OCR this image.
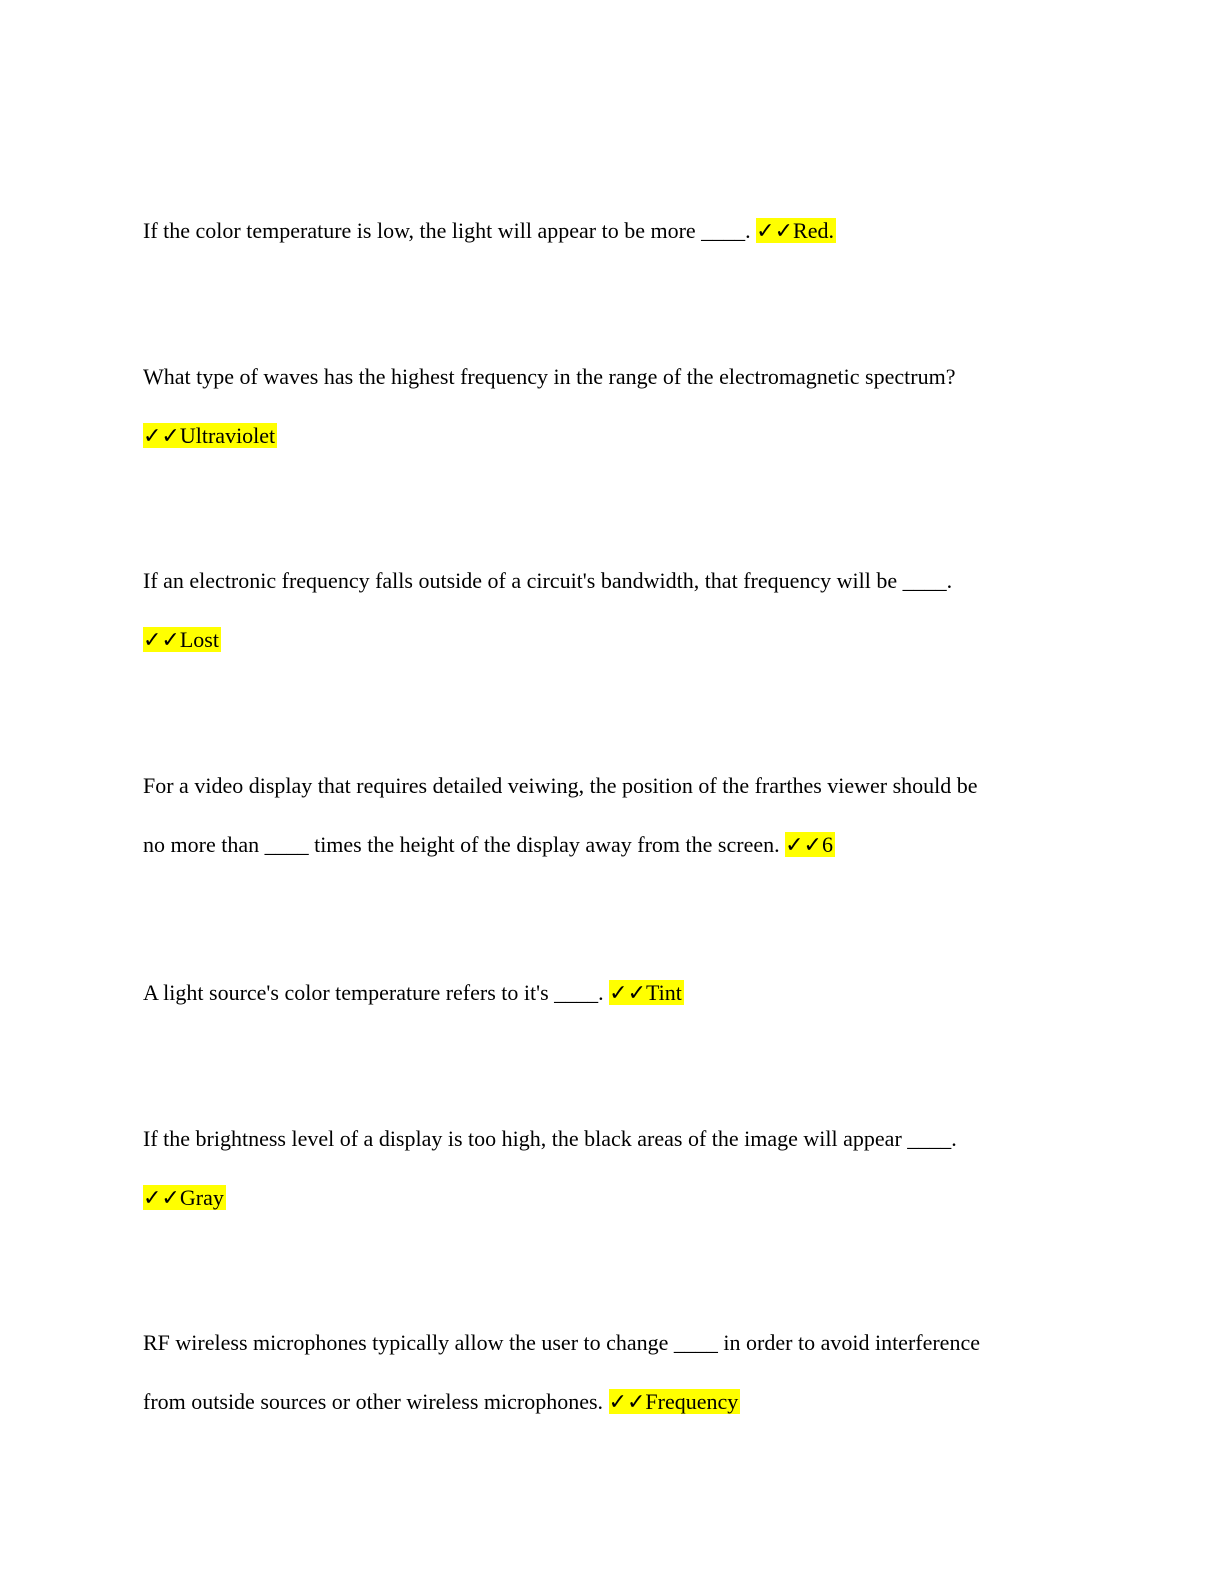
If the color temperature is low, the light will appear to be more ____. ✓✓Red.
What type of waves has the highest frequency in the range of the electromagnetic spectrum?
✓✓Ultraviolet
If an electronic frequency falls outside of a circuit's bandwidth, that frequency will be ____.
✓✓Lost
For a video display that requires detailed veiwing, the position of the frarthes viewer should be
no more than ____ times the height of the display away from the screen. ✓✓6
A light source's color temperature refers to it's ____. ✓✓Tint
If the brightness level of a display is too high, the black areas of the image will appear ____.
✓✓Gray
RF wireless microphones typically allow the user to change ____ in order to avoid interference
from outside sources or other wireless microphones. ✓✓Frequency
